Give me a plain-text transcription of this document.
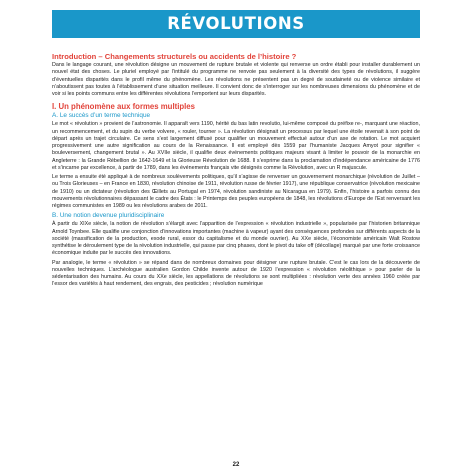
RÉVOLUTIONS
Introduction – Changements structurels ou accidents de l’histoire ?

Dans le langage courant, une révolution désigne un mouvement de rupture brutale et violente qui renverse un ordre établi pour installer durablement un nouvel état des choses. Le pluriel employé par l’intitulé du programme ne renvoie pas seulement à la diversité des types de révolutions, il suggère d’éventuelles disparités dans le profil même du phénomène. Les révolutions ne présentent pas un degré de soudaineté ou de violence similaire et n’aboutissent pas toutes à l’établissement d’une situation meilleure. Il convient donc de s’interroger sur les nombreuses dimensions du phénomène et de voir si les points communs entre les différentes révolutions l’emportent sur leurs disparités.

I. Un phénomène aux formes multiples
A. Le succès d’un terme technique

Le mot « révolution » provient de l’astronomie. Il apparaît vers 1190, hérité du bas latin revolutio, lui-même composé du préfixe re-, marquant une réaction, un recommencement, et du supin du verbe volvere, « rouler, tourner ». La révolution désignait un processus par lequel une étoile revenait à son point de départ après un trajet circulaire. Ce sens s’est largement diffusé pour qualifier un mouvement effectué autour d’un axe de rotation. Le mot acquiert progressivement une autre signification au cours de la Renaissance. Il est employé dès 1559 par l’humaniste Jacques Amyot pour signifier « bouleversement, changement brutal ». Au XVIIe siècle, il qualifie deux événements politiques majeurs visant à limiter le pouvoir de la monarchie en Angleterre : la Grande Rébellion de 1642-1649 et la Glorieuse Révolution de 1688. Il s’exprime dans la proclamation d’indépendance américaine de 1776 et s’incarne par excellence, à partir de 1789, dans les événements français vite désignés comme la Révolution, avec un R majuscule.

Le terme a ensuite été appliqué à de nombreux soulèvements politiques, qu’il s’agisse de renverser un gouvernement monarchique (révolution de Juillet – ou Trois Glorieuses – en France en 1830, révolution chinoise de 1911, révolution russe de février 1917), une république conservatrice (révolution mexicaine de 1910) ou un dictateur (révolution des Œillets au Portugal en 1974, révolution sandiniste au Nicaragua en 1979). Enfin, l’histoire a parfois connu des mouvements révolutionnaires dépassant le cadre des États : le Printemps des peuples européens de 1848, les révolutions d’Europe de l’Est renversant les régimes communistes en 1989 ou les révolutions arabes de 2011.

B. Une notion devenue pluridisciplinaire

À partir du XIXe siècle, la notion de révolution s’élargit avec l’apparition de l’expression « révolution industrielle », popularisée par l’historien britannique Arnold Toynbee. Elle qualifie une conjonction d’innovations importantes (machine à vapeur) ayant des conséquences profondes sur différents aspects de la société (massification de la production, exode rural, essor du capitalisme et du monde ouvrier). Au XXe siècle, l’économiste américain Walt Rostow synthétise le déroulement type de la révolution industrielle, qui passe par cinq phases, dont le pivot du take off (décollage) marqué par une forte croissance économique induite par le succès des innovations.

Par analogie, le terme « révolution » se répand dans de nombreux domaines pour désigner une rupture brutale. C’est le cas lors de la découverte de nouvelles techniques. L’archéologue australien Gordon Childe invente autour de 1920 l’expression « révolution néolithique » pour parler de la sédentarisation des humains. Au cours du XXe siècle, les appellations de révolutions se sont multipliées : révolution verte des années 1960 créée par l’essor des variétés à haut rendement, des engrais, des pesticides ; révolution numérique

22
